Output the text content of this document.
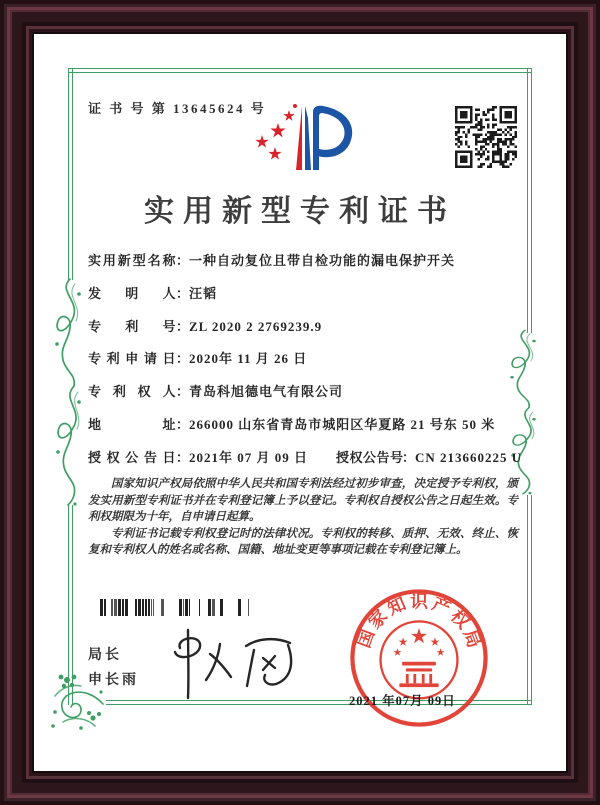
证 书 号 第 13645624 号
实用新型专利证书
实用新型名称：一种自动复位且带自检功能的漏电保护开关
发明人：汪韬
专利号：ZL 2020 2 2769239.9
专利申请日：2020年 11 月 26 日
专利权人：青岛科旭德电气有限公司
地址：266000 山东省青岛市城阳区华夏路 21 号东 50 米
授权公告日：2021年 07 月 09 日 授权公告号：CN 213660225 U

国家知识产权局依照中华人民共和国专利法经过初步审查，决定授予专利权，颁发实用新型专利证书并在专利登记簿上予以登记。专利权自授权公告之日起生效。专利权期限为十年，自申请日起算。

专利证书记载专利权登记时的法律状况。专利权的转移、质押、无效、终止、恢复和专利权人的姓名或名称、国籍、地址变更等事项记载在专利登记簿上。

局长
申长雨
国
家
知 识 产
权
局
2021 年07月 09日
